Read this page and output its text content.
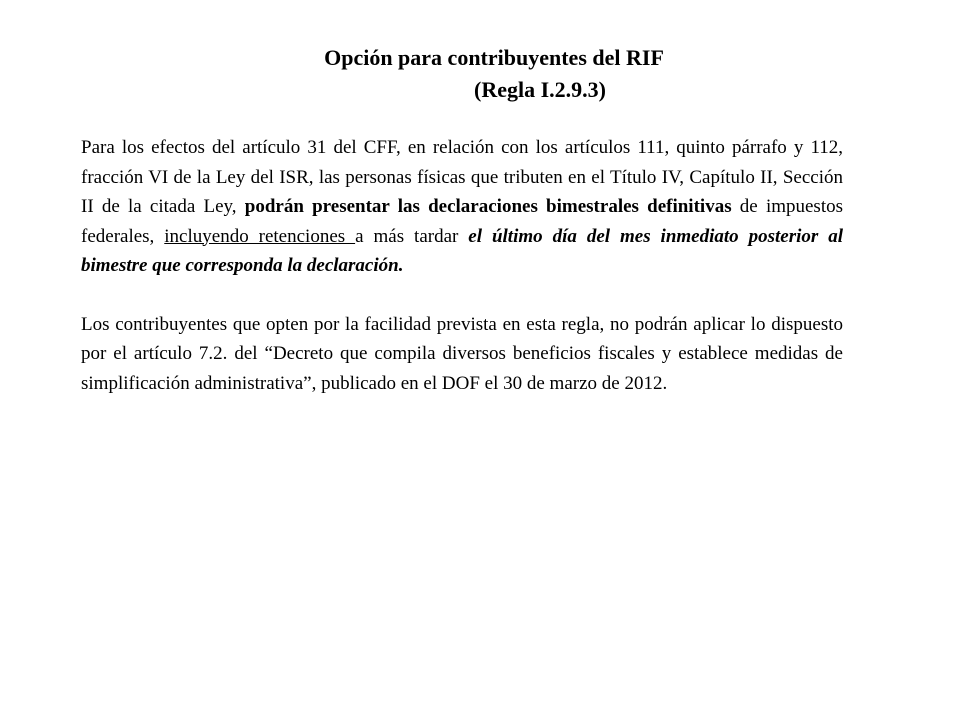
Opción para contribuyentes del RIF
(Regla I.2.9.3)

Para los efectos del artículo 31 del CFF, en relación con los artículos 111, quinto párrafo y 112, fracción VI de la Ley del ISR, las personas físicas que tributen en el Título IV, Capítulo II, Sección II de la citada Ley, podrán presentar las declaraciones bimestrales definitivas de impuestos federales, incluyendo retenciones a más tardar el último día del mes inmediato posterior al bimestre que corresponda la declaración.

Los contribuyentes que opten por la facilidad prevista en esta regla, no podrán aplicar lo dispuesto por el artículo 7.2. del “Decreto que compila diversos beneficios fiscales y establece medidas de simplificación administrativa”, publicado en el DOF el 30 de marzo de 2012.
